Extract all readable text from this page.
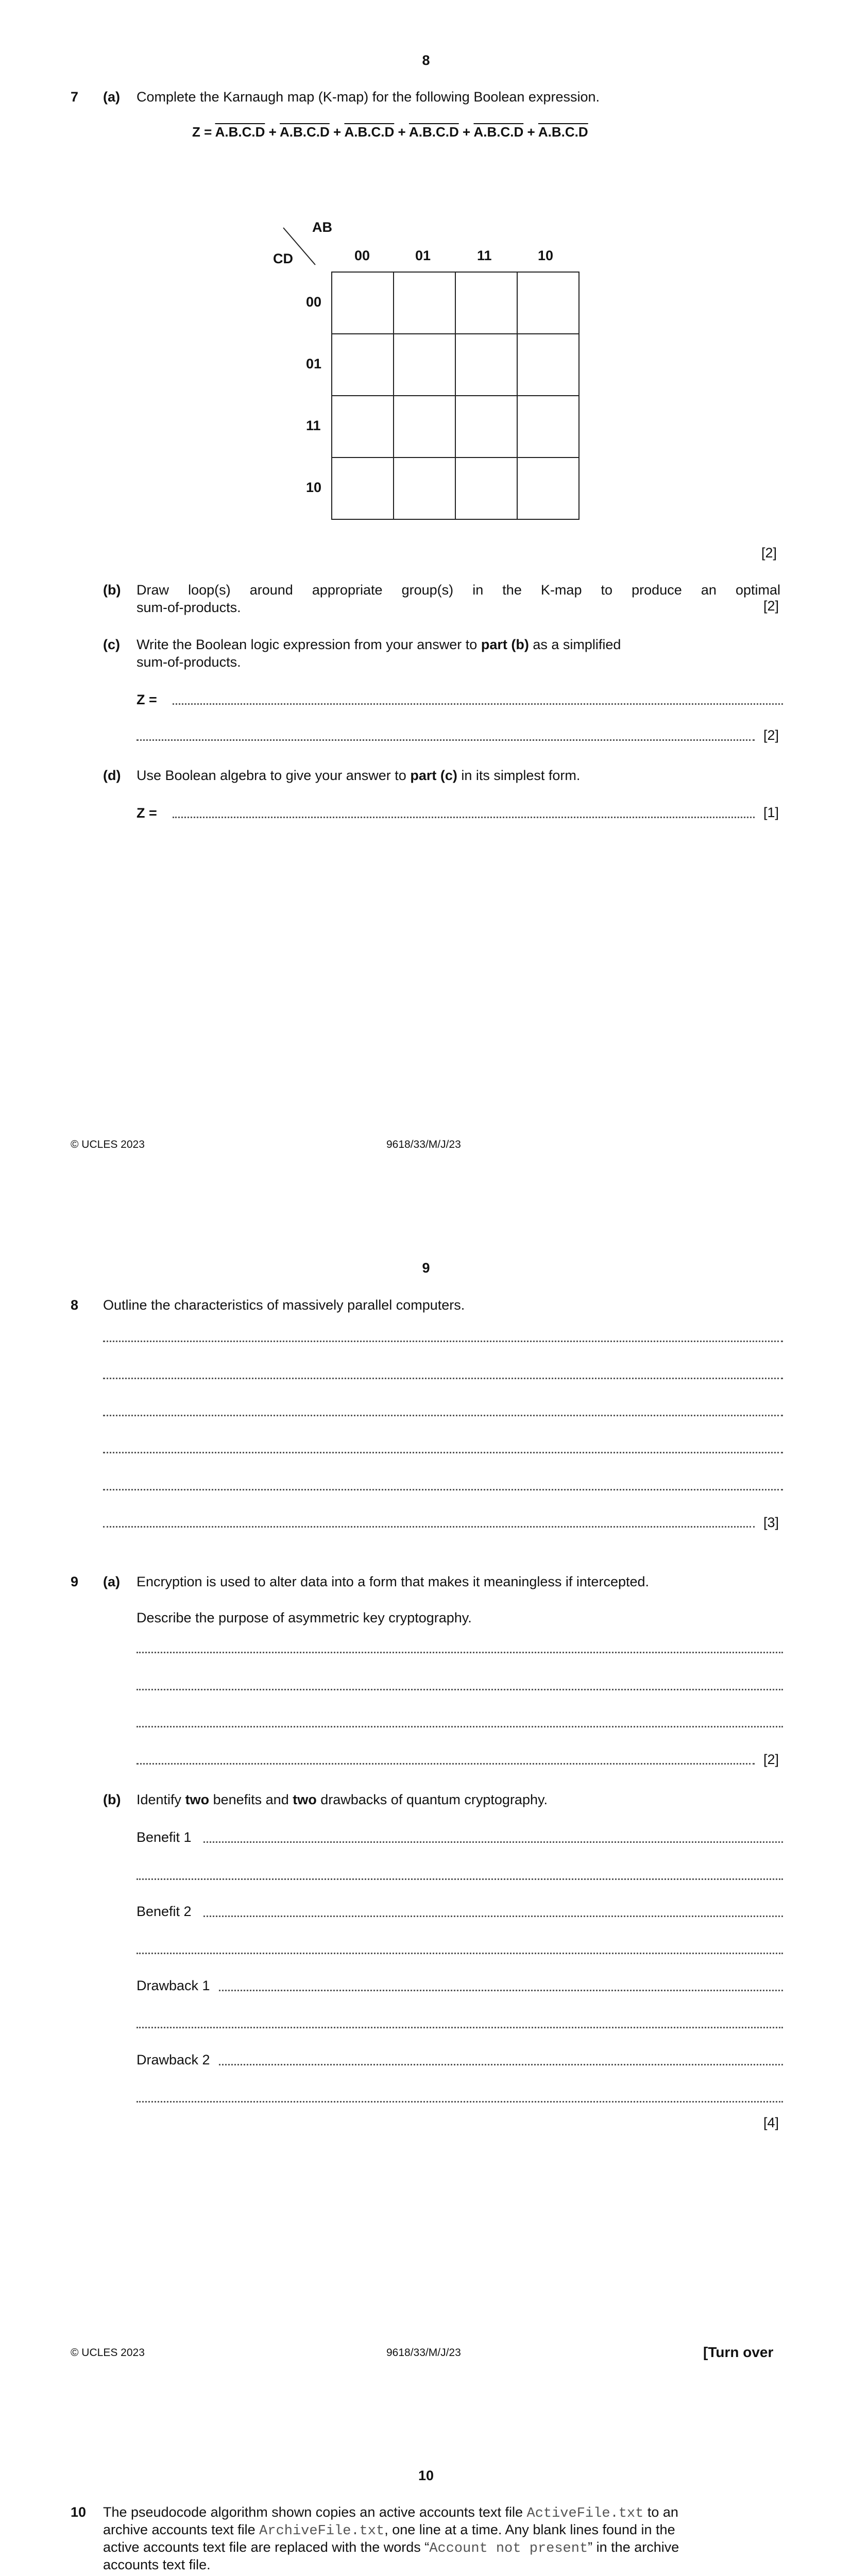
8
7 (a) Complete the Karnaugh map (K-map) for the following Boolean expression.
Z = A.B.C.D + A.B.C.D + A.B.C.D + A.B.C.D + A.B.C.D + A.B.C.D
AB
CD	00	01	11	10
00
01
11
10

[2]
(b) Draw loop(s) around appropriate group(s) in the K-map to produce an optimal
sum-of-products.	[2]
(c) Write the Boolean logic expression from your answer to part (b) as a simplified
sum-of-products.
Z =
[2]
(d) Use Boolean algebra to give your answer to part (c) in its simplest form.
Z =	[1]
© UCLES 2023	9618/33/M/J/23
9
8 Outline the characteristics of massively parallel computers.
[3]
9 (a) Encryption is used to alter data into a form that makes it meaningless if intercepted.
Describe the purpose of asymmetric key cryptography.
[2]
(b) Identify two benefits and two drawbacks of quantum cryptography.
Benefit 1
Benefit 2
Drawback 1
Drawback 2
[4]
© UCLES 2023	9618/33/M/J/23	[Turn over
10
10 The pseudocode algorithm shown copies an active accounts text file ActiveFile.txt to an
archive accounts text file ArchiveFile.txt, one line at a time. Any blank lines found in the
active accounts text file are replaced with the words “Account not present” in the archive
accounts text file.
